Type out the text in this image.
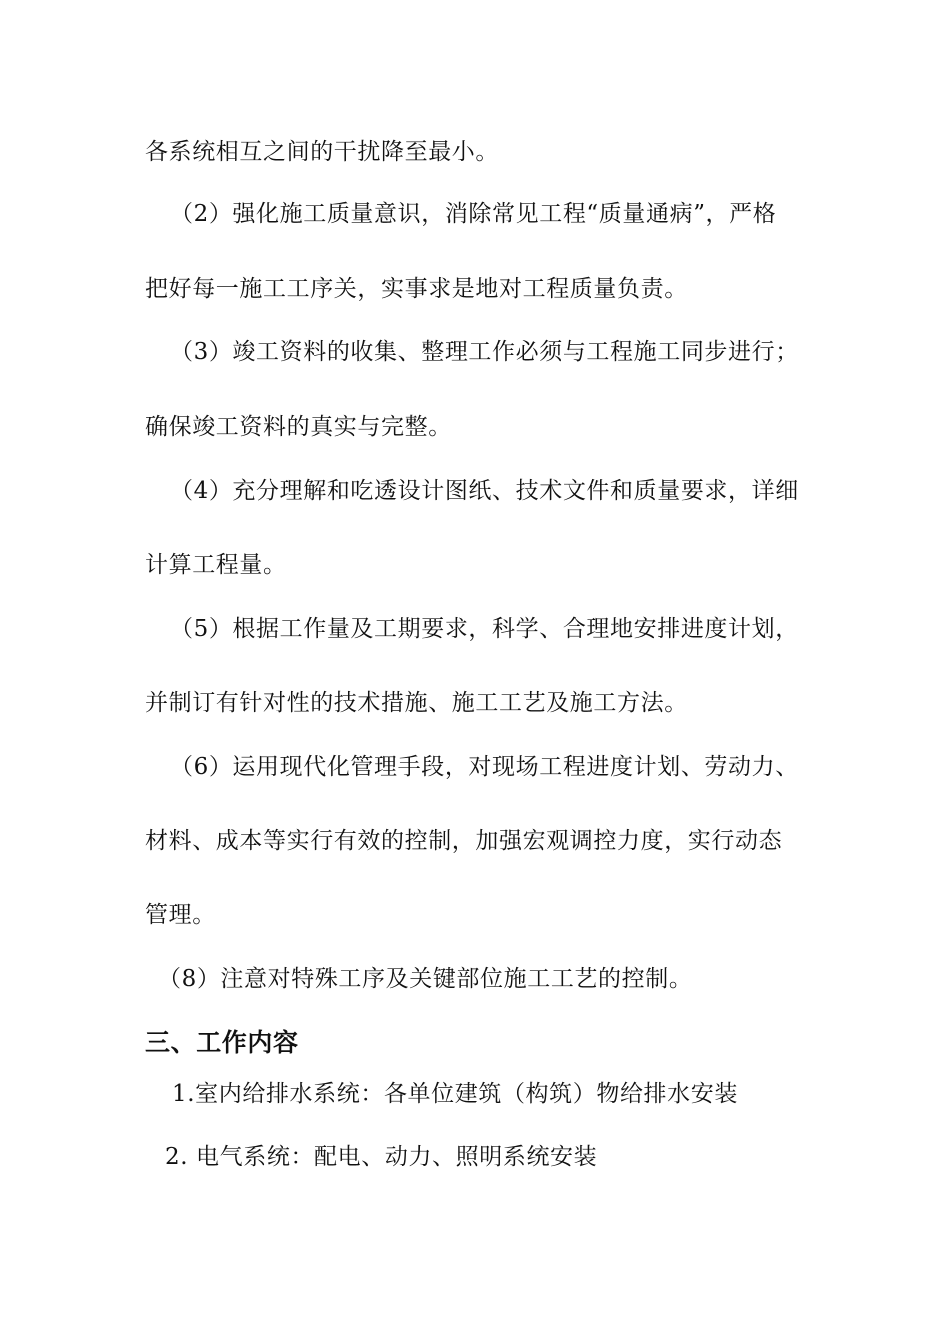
各系统相互之间的干扰降至最小。
（2）强化施工质量意识，消除常见工程“质量通病”，严格
把好每一施工工序关，实事求是地对工程质量负责。
（3）竣工资料的收集、整理工作必须与工程施工同步进行；
确保竣工资料的真实与完整。
（4）充分理解和吃透设计图纸、技术文件和质量要求，详细
计算工程量。
（5）根据工作量及工期要求，科学、合理地安排进度计划，
并制订有针对性的技术措施、施工工艺及施工方法。
（6）运用现代化管理手段，对现场工程进度计划、劳动力、
材料、成本等实行有效的控制，加强宏观调控力度，实行动态
管理。
（8）注意对特殊工序及关键部位施工工艺的控制。
三、工作内容
1.室内给排水系统：各单位建筑（构筑）物给排水安装
2. 电气系统：配电、动力、照明系统安装
